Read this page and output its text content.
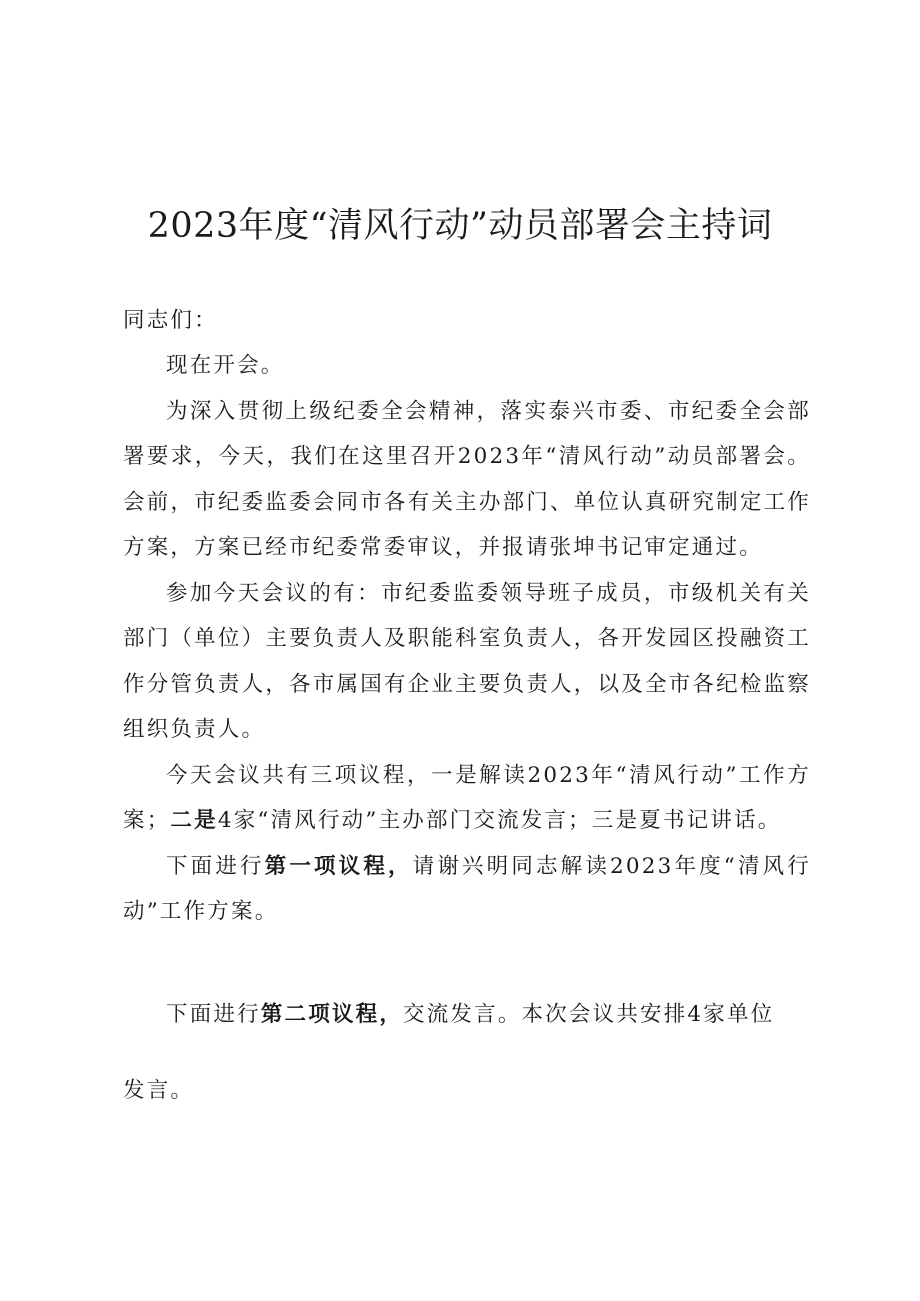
2023年度“清风行动”动员部署会主持词

同志们：

现在开会。

为深入贯彻上级纪委全会精神，落实泰兴市委、市纪委全会部署要求，今天，我们在这里召开2023年“清风行动”动员部署会。会前，市纪委监委会同市各有关主办部门、单位认真研究制定工作方案，方案已经市纪委常委审议，并报请张坤书记审定通过。

参加今天会议的有：市纪委监委领导班子成员，市级机关有关部门（单位）主要负责人及职能科室负责人，各开发园区投融资工作分管负责人，各市属国有企业主要负责人，以及全市各纪检监察组织负责人。

今天会议共有三项议程，一是解读2023年“清风行动”工作方案；二是4家“清风行动”主办部门交流发言；三是夏书记讲话。

下面进行第一项议程，请谢兴明同志解读2023年度“清风行动”工作方案。

下面进行第二项议程，交流发言。本次会议共安排4家单位

发言。
